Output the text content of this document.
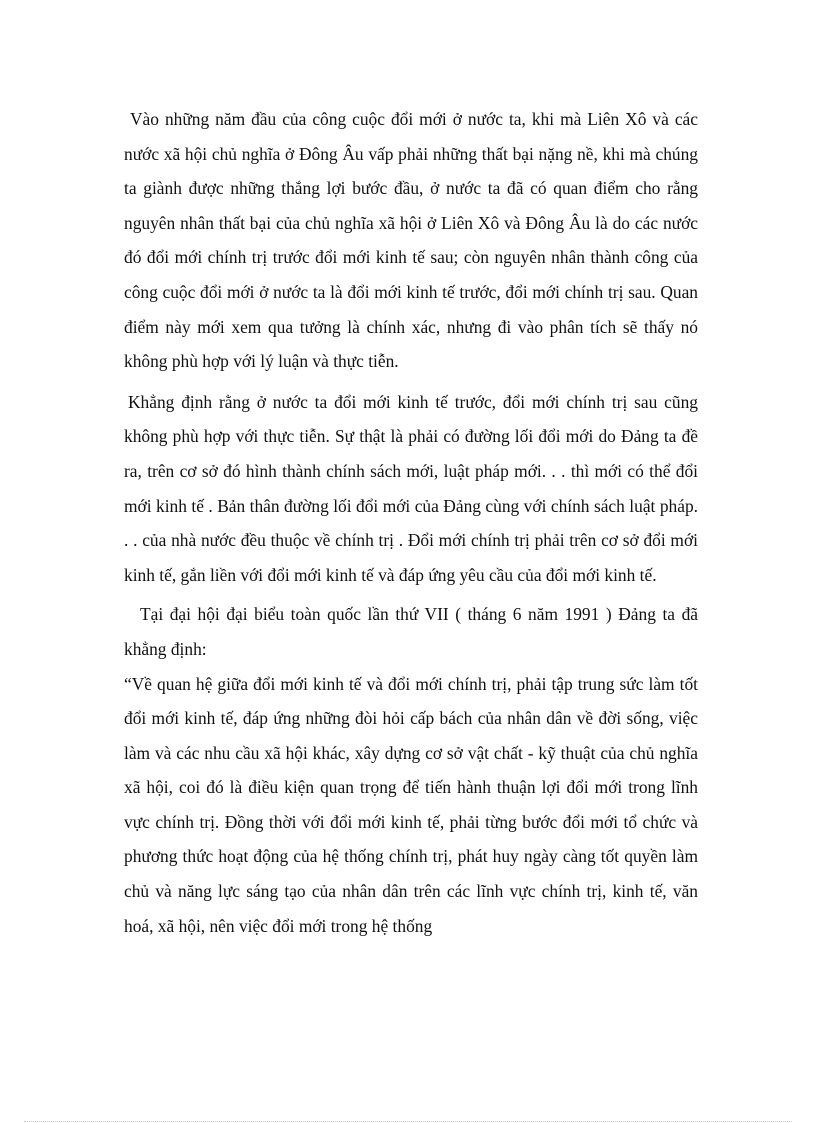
Vào những năm đầu của công cuộc đổi mới ở nước ta, khi mà Liên Xô và các nước xã hội chủ nghĩa ở Đông Âu vấp phải những thất bại nặng nề, khi mà chúng ta giành được những thắng lợi bước đầu, ở nước ta đã có quan điểm cho rằng nguyên nhân thất bại của chủ nghĩa xã hội ở Liên Xô và Đông Âu là do các nước đó đổi mới chính trị trước đổi mới kinh tế sau; còn nguyên nhân thành công của công cuộc đổi mới ở nước ta là đổi mới kinh tế trước, đổi mới chính trị sau. Quan điểm này mới xem qua tưởng là chính xác, nhưng đi vào phân tích sẽ thấy nó không phù hợp với lý luận và thực tiễn.

Khẳng định rằng ở nước ta đổi mới kinh tế trước, đổi mới chính trị sau cũng không phù hợp với thực tiễn. Sự thật là phải có đường lối đổi mới do Đảng ta đề ra, trên cơ sở đó hình thành chính sách mới, luật pháp mới. . . thì mới có thể đổi mới kinh tế . Bản thân đường lối đổi mới của Đảng cùng với chính sách luật pháp. . . của nhà nước đều thuộc về chính trị . Đổi mới chính trị phải trên cơ sở đổi mới kinh tế, gắn liền với đổi mới kinh tế và đáp ứng yêu cầu của đổi mới kinh tế.

Tại đại hội đại biểu toàn quốc lần thứ VII ( tháng 6 năm 1991 ) Đảng ta đã khẳng định:

“Về quan hệ giữa đổi mới kinh tế và đổi mới chính trị, phải tập trung sức làm tốt đổi mới kinh tế, đáp ứng những đòi hỏi cấp bách của nhân dân về đời sống, việc làm và các nhu cầu xã hội khác, xây dựng cơ sở vật chất - kỹ thuật của chủ nghĩa xã hội, coi đó là điều kiện quan trọng để tiến hành thuận lợi đổi mới trong lĩnh vực chính trị. Đồng thời với đổi mới kinh tế, phải từng bước đổi mới tổ chức và phương thức hoạt động của hệ thống chính trị, phát huy ngày càng tốt quyền làm chủ và năng lực sáng tạo của nhân dân trên các lĩnh vực chính trị, kinh tế, văn hoá, xã hội, nên việc đổi mới trong hệ thống
